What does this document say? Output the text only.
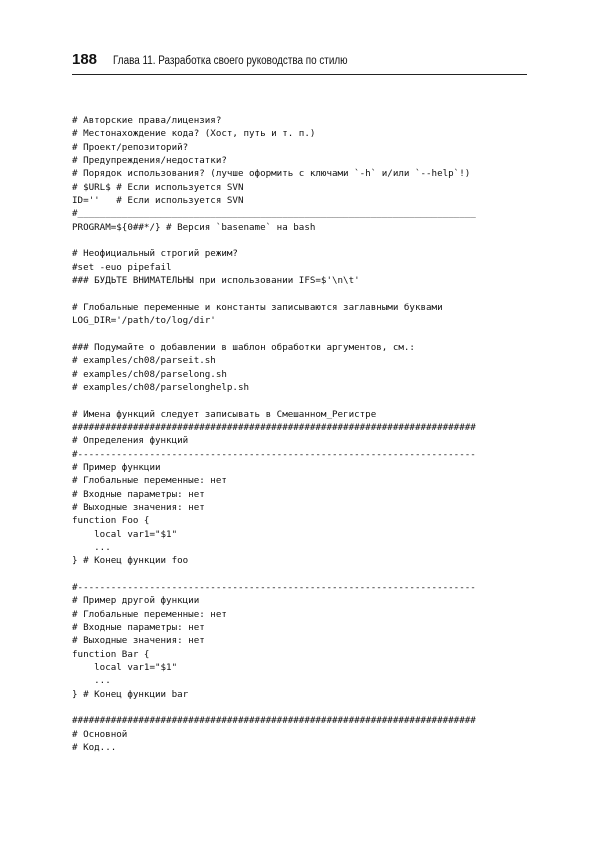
188 Глава 11. Разработка своего руководства по стилю
# Авторские права/лицензия?
# Местонахождение кода? (Хост, путь и т. п.)
# Проект/репозиторий?
# Предупреждения/недостатки?
# Порядок использования? (лучше оформить с ключами `-h` и/или `--help`!)
# $URL$ # Если используется SVN
ID=''   # Если используется SVN
#________________________________________________________________________
PROGRAM=${0##*/} # Версия `basename` на bash
# Неофициальный строгий режим?
#set -euo pipefail
### БУДЬТЕ ВНИМАТЕЛЬНЫ при использовании IFS=$'\n\t'
# Глобальные переменные и константы записываются заглавными буквами
LOG_DIR='/path/to/log/dir'
### Подумайте о добавлении в шаблон обработки аргументов, см.:
# examples/ch08/parseit.sh
# examples/ch08/parselong.sh
# examples/ch08/parselonghelp.sh
# Имена функций следует записывать в Смешанном_Регистре
#########################################################################
# Определения функций
#------------------------------------------------------------------------
# Пример функции
# Глобальные переменные: нет
# Входные параметры: нет
# Выходные значения: нет
function Foo {
local var1="$1"
...
} # Конец функции foo
#------------------------------------------------------------------------
# Пример другой функции
# Глобальные переменные: нет
# Входные параметры: нет
# Выходные значения: нет
function Bar {
local var1="$1"
...
} # Конец функции bar
#########################################################################
# Основной
# Код...
